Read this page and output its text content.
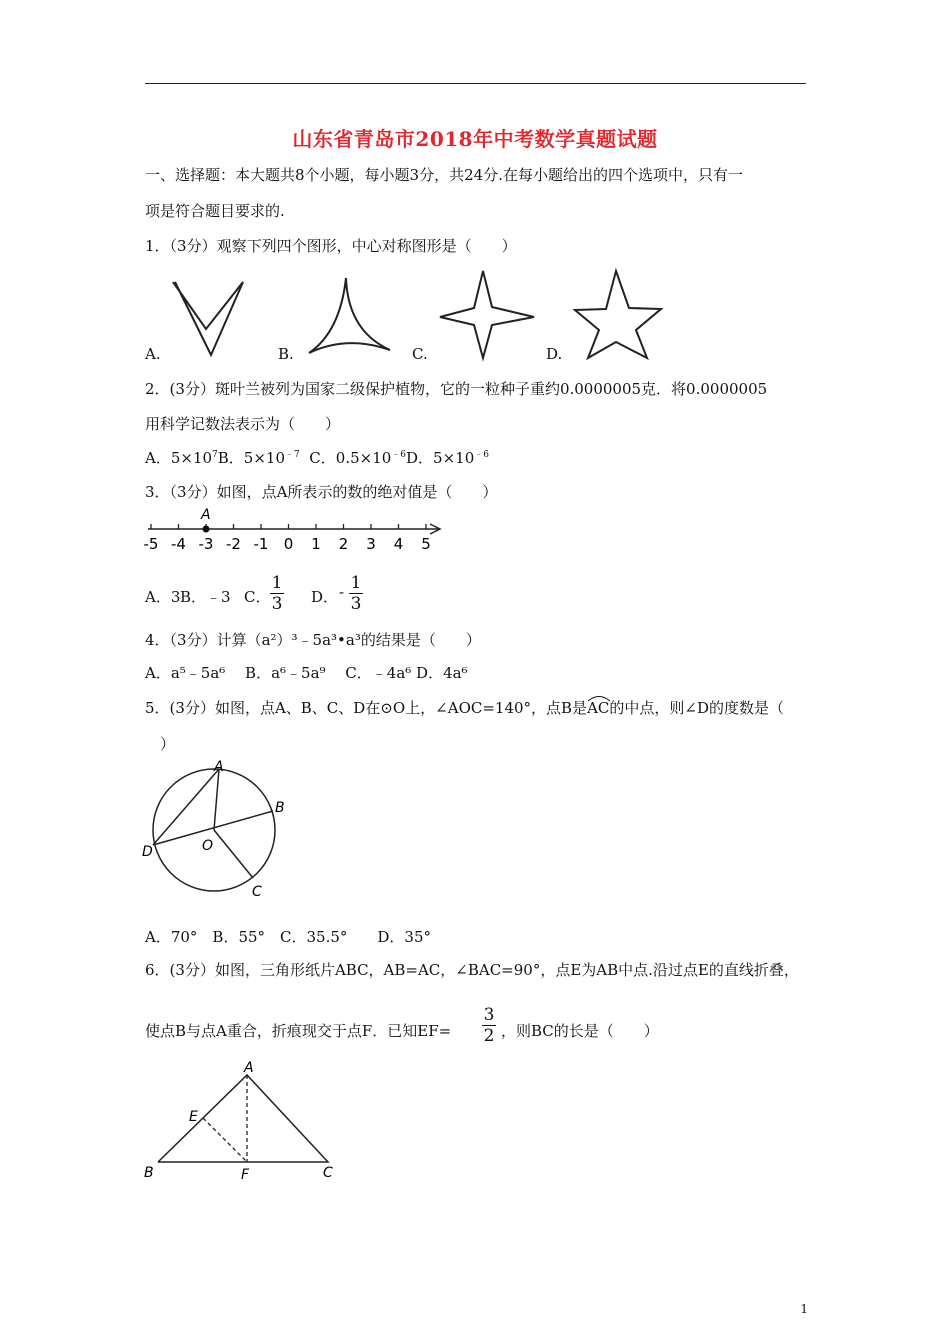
山东省青岛市2018年中考数学真题试题
一、选择题：本大题共8个小题，每小题3分，共24分.在每小题给出的四个选项中，只有一
项是符合题目要求的.
1．（3分）观察下列四个图形，中心对称图形是（　　）
A.	B.	C.	D.
2．(3分）斑叶兰被列为国家二级保护植物，它的一粒种子重约0.0000005克．将0.0000005
用科学记数法表示为（　　）
A．$5\times 10^7B$．$5\times 10^{﹣7}$ C．$0.5\times 10^{﹣6}D$．$5\times 10^{﹣6}$
3．（3分）如图，点A所表示的数的绝对值是（　　）
-5 -4 -3 -2 -1 0 1 2 3 4 5
A
A．3 B．﹣3 C．
1
3 D． - 1
3
4．（3分）计算（a²）³﹣5a³•a³的结果是（　　）
A．a⁵﹣5a⁶　 B．a⁶﹣5a⁹　 C．﹣4a⁶ D．4a⁶
5．(3分）如图，点A、B、C、D在⊙O上，∠AOC=140°，点B是AC
的中点，则∠D的度数是（
　）
A
B
C
D	O
A．70°　B．55°　C．35.5°　　D．35°
6．(3分）如图，三角形纸片ABC，AB=AC，∠BAC=90°，点E为AB中点.沿过点E的直线折叠，
使点B与点A重合，折痕现交于点F．已知EF=
3
2 ，则BC的长是（　　）
A
E
B	F	C
1
